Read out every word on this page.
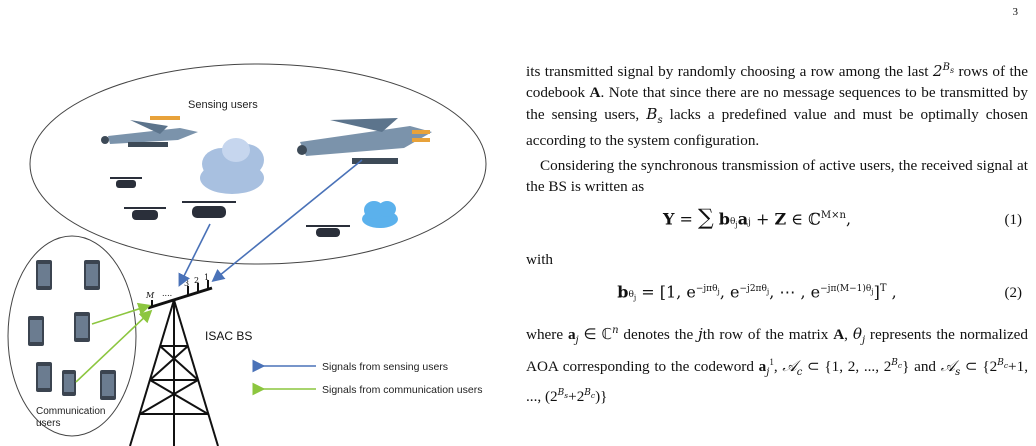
3
Sensing users
Communication
users
M ....
3 2 1
ISAC BS
Signals from sensing users
Signals from communication users

its transmitted signal by randomly choosing a row among the last $2^{B_s}$ rows of the codebook A. Note that since there are no message sequences to be transmitted by the sensing users, $B_s$ lacks a predefined value and must be optimally chosen according to the system configuration.

Considering the synchronous transmission of active users, the received signal at the BS is written as

Y = ∑ $b\theta_jaj + Z$ ∈ ℂ$^{M\times n}$,	(1)

with

$b\theta_j = [1$, $e^{-j\pi\theta_j}$, $e^{-j2\pi\theta_j}$, ⋯ , $e^{-j\pi(M-1)\theta_j}]^T$ ,	(2)

where $a_j$ ∈ ℂ$^n$ denotes the jth row of the matrix A, $\theta_j$ represents the normalized AOA corresponding to the codeword $a_j^1$, 𝒜$_c$ ⊂ {1, 2, ..., $2^{B_c}$} and 𝒜$_s$ ⊂ {$2^{B_c}+1$, ..., $(2^{B_s}+2^{B_c})$}
